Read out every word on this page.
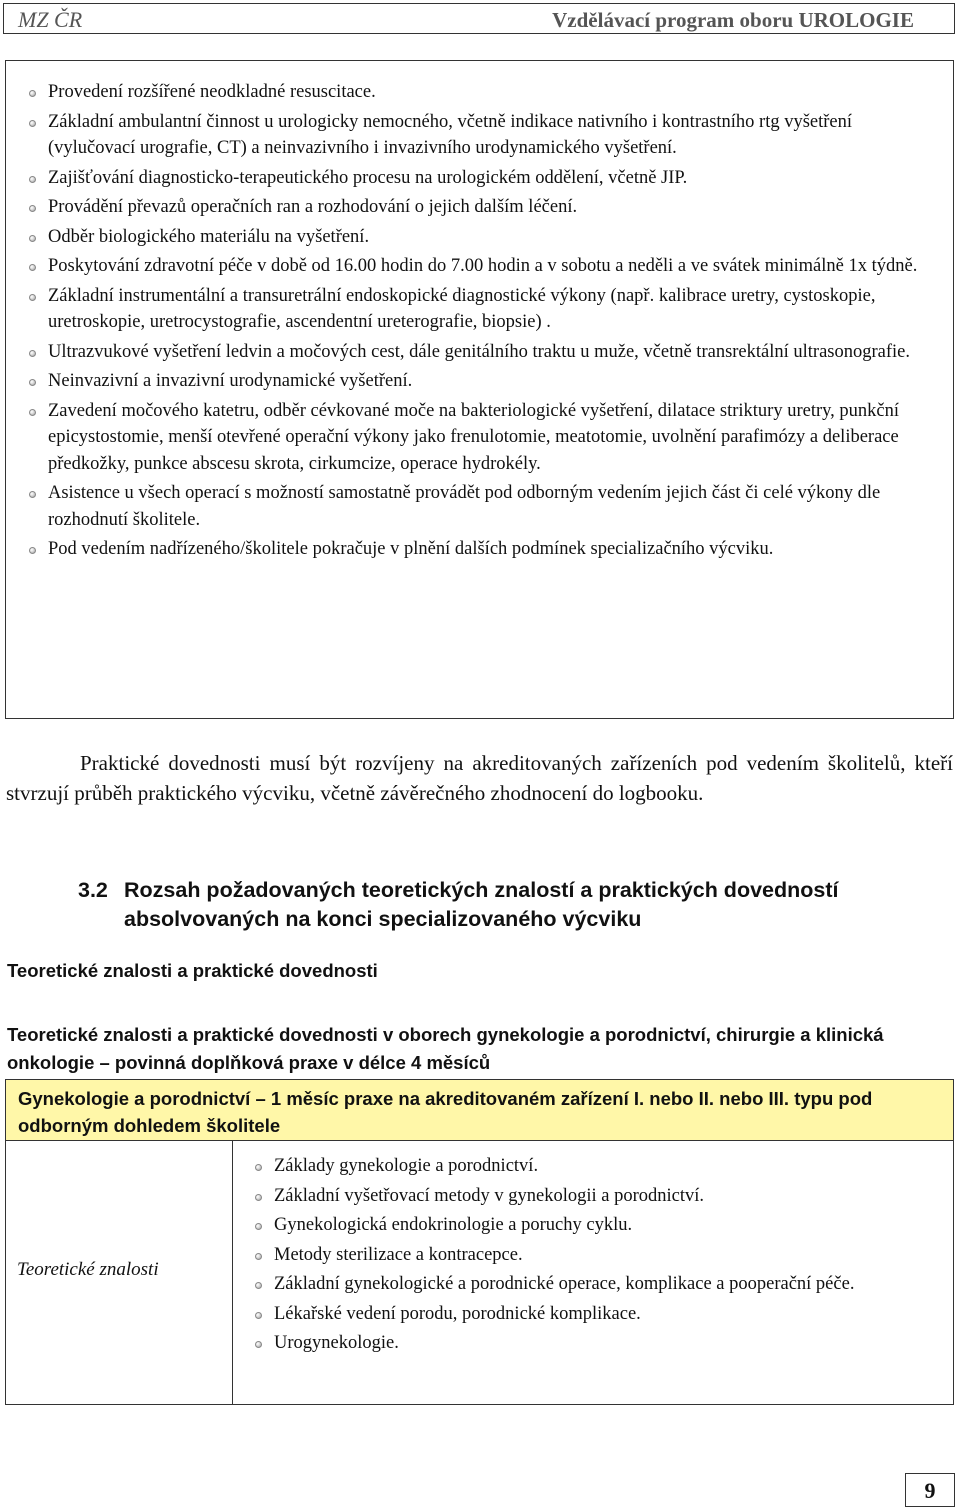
MZ ČR	Vzdělávací program oboru UROLOGIE
Provedení rozšířené neodkladné resuscitace.
Základní ambulantní činnost u urologicky nemocného, včetně indikace nativního i kontrastního rtg vyšetření (vylučovací urografie, CT) a neinvazivního i invazivního urodynamického vyšetření.
Zajišťování diagnosticko-terapeutického procesu na urologickém oddělení, včetně JIP.
Provádění převazů operačních ran a rozhodování o jejich dalším léčení.
Odběr biologického materiálu na vyšetření.
Poskytování zdravotní péče v době od 16.00 hodin do 7.00 hodin a v sobotu a neděli a ve svátek minimálně 1x týdně.
Základní instrumentální a transuretrální endoskopické diagnostické výkony (např. kalibrace uretry, cystoskopie, uretroskopie, uretrocystografie, ascendentní ureterografie, biopsie) .
Ultrazvukové vyšetření ledvin a močových cest, dále genitálního traktu u muže, včetně transrektální ultrasonografie.
Neinvazivní a invazivní urodynamické vyšetření.
Zavedení močového katetru, odběr cévkované moče na bakteriologické vyšetření, dilatace striktury uretry, punkční epicystostomie, menší otevřené operační výkony jako frenulotomie, meatotomie, uvolnění parafimózy a deliberace předkožky, punkce abscesu skrota, cirkumcize, operace hydrokély.
Asistence u všech operací s možností samostatně provádět pod odborným vedením jejich část či celé výkony dle rozhodnutí školitele.
Pod vedením nadřízeného/školitele pokračuje v plnění dalších podmínek specializačního výcviku.

Praktické dovednosti musí být rozvíjeny na akreditovaných zařízeních pod vedením školitelů, kteří stvrzují průběh praktického výcviku, včetně závěrečného zhodnocení do logbooku.

3.2 Rozsah požadovaných teoretických znalostí a praktických dovedností absolvovaných na konci specializovaného výcviku
Teoretické znalosti a praktické dovednosti
Teoretické znalosti a praktické dovednosti v oborech gynekologie a porodnictví, chirurgie a klinická onkologie – povinná doplňková praxe v délce 4 měsíců
Gynekologie a porodnictví – 1 měsíc praxe na akreditovaném zařízení I. nebo II. nebo III. typu pod odborným dohledem školitele
Teoretické znalosti
Základy gynekologie a porodnictví.
Základní vyšetřovací metody v gynekologii a porodnictví.
Gynekologická endokrinologie a poruchy cyklu.
Metody sterilizace a kontracepce.
Základní gynekologické a porodnické operace, komplikace a pooperační péče.
Lékařské vedení porodu, porodnické komplikace.
Urogynekologie.
9
